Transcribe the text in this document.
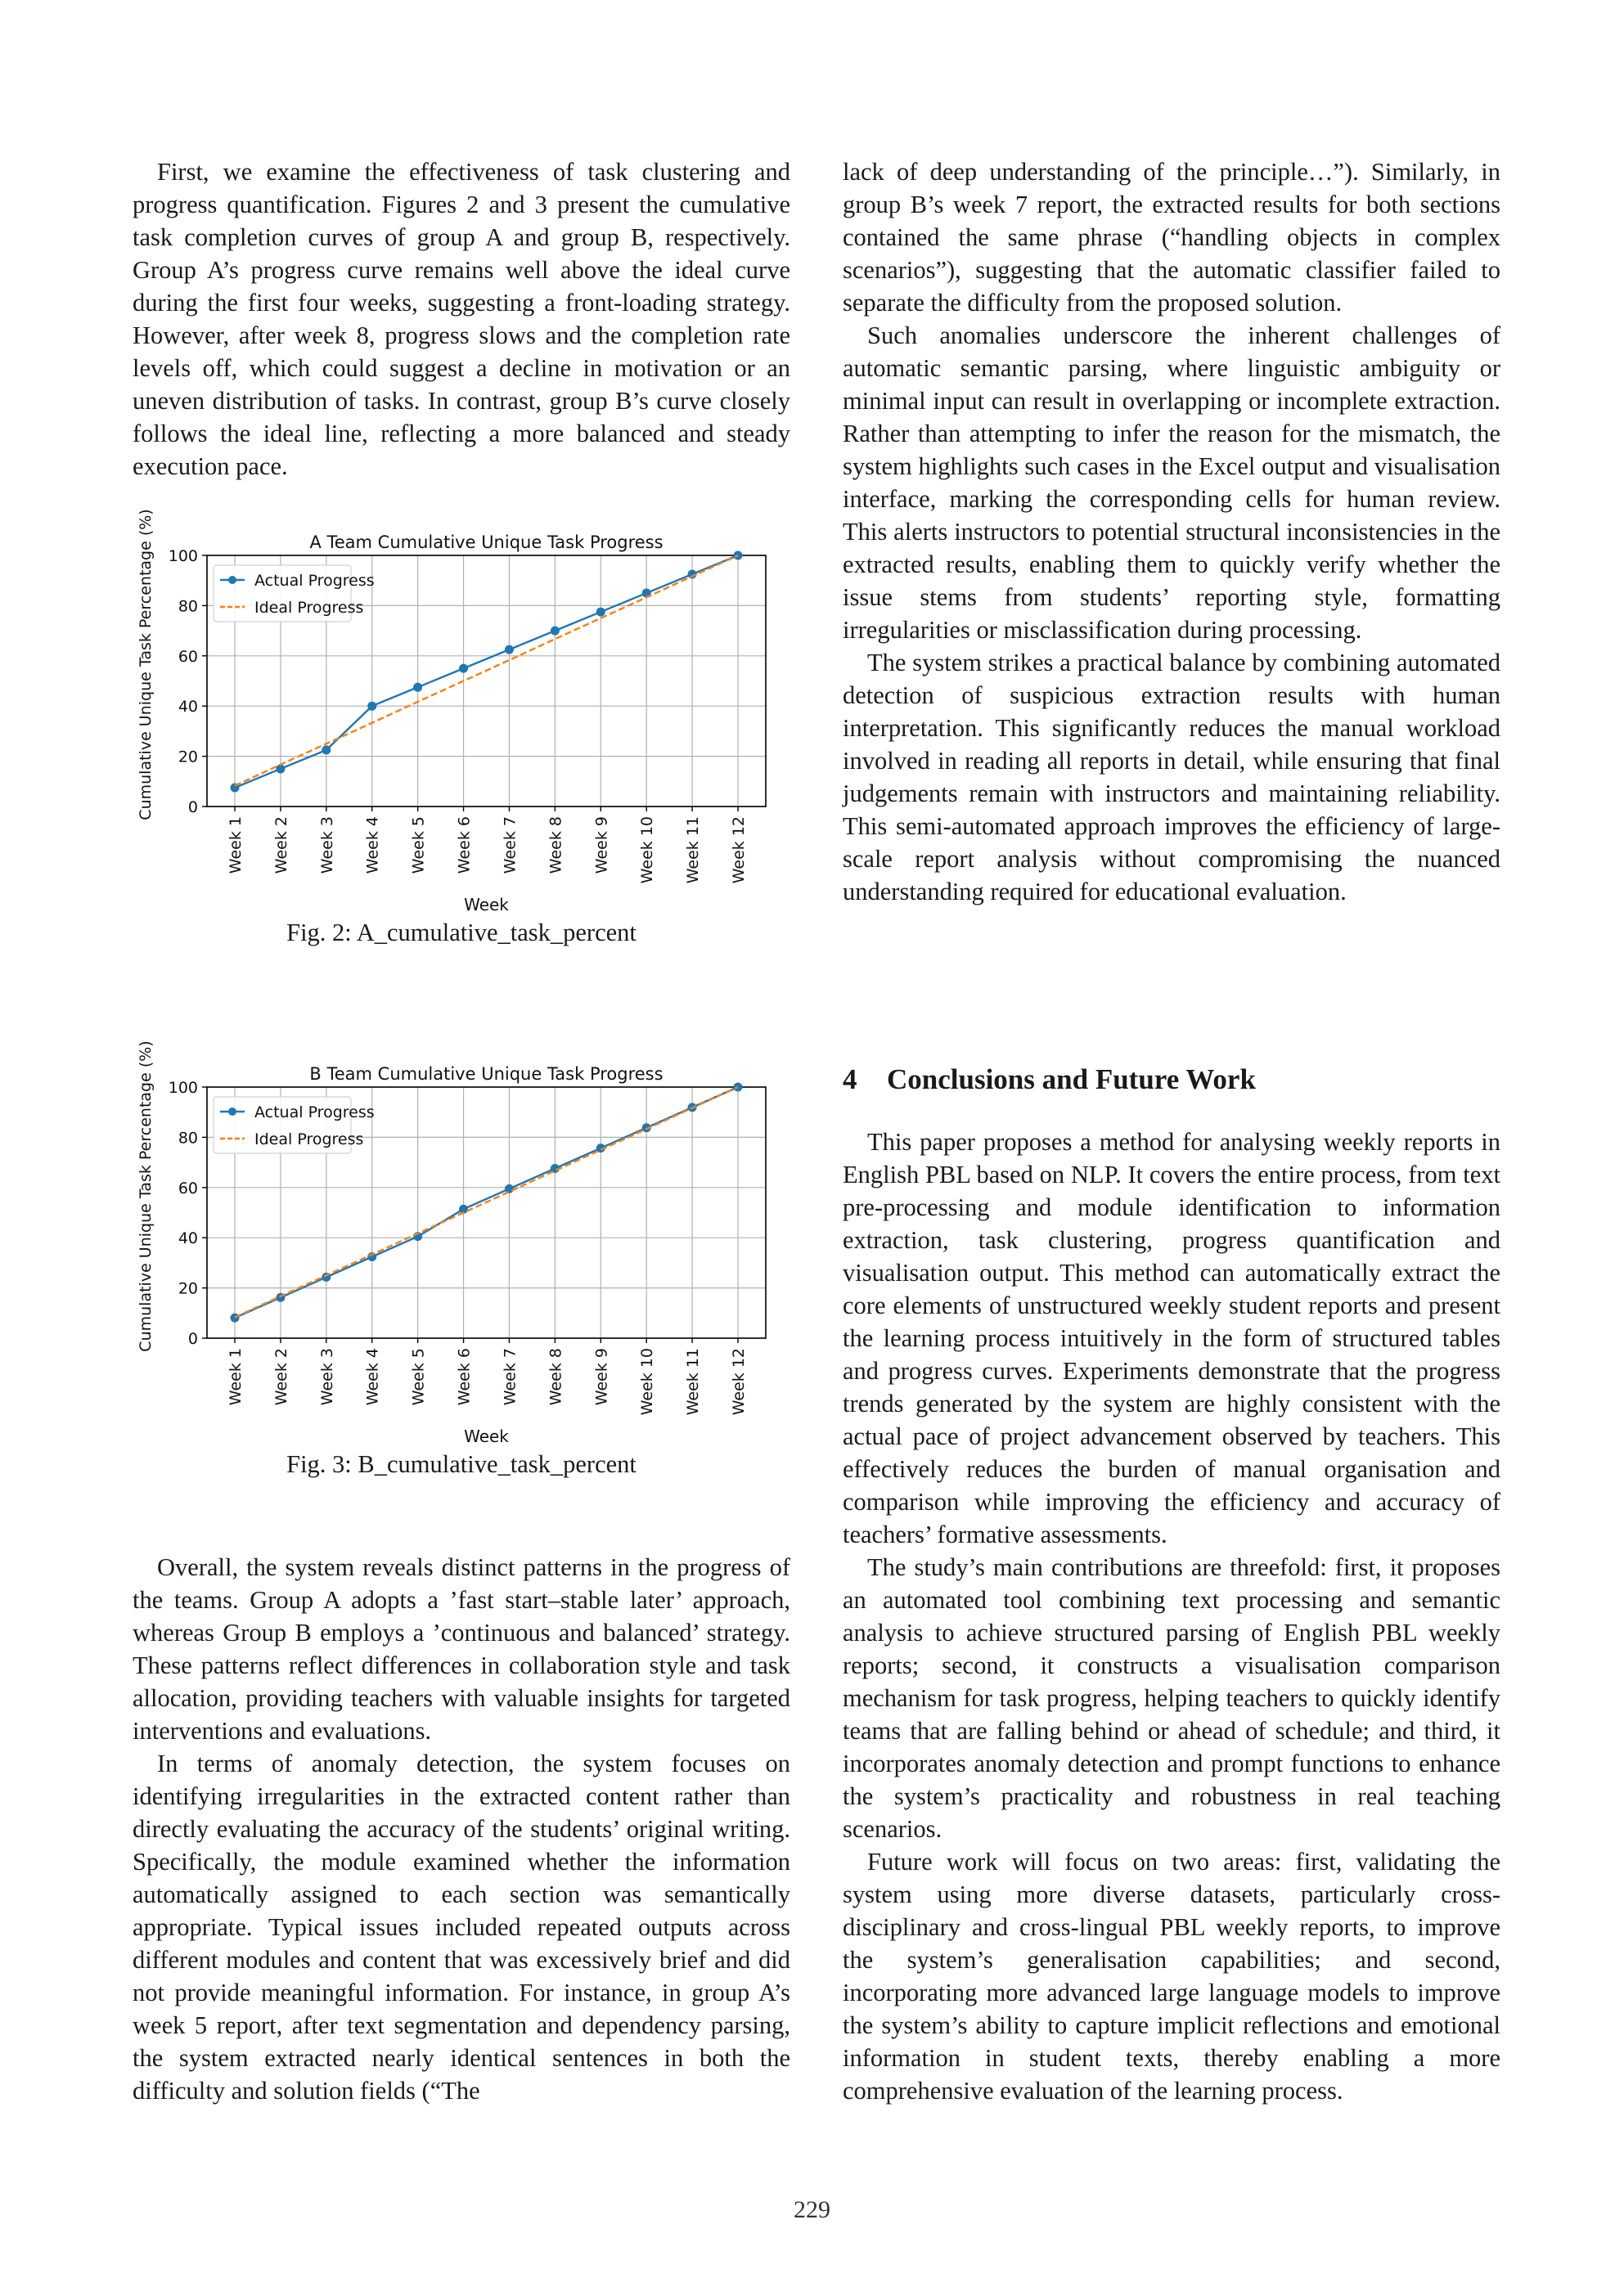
First, we examine the effectiveness of task clustering and progress quantification. Figures 2 and 3 present the cumulative task completion curves of group A and group B, respectively. Group A’s progress curve remains well above the ideal curve during the first four weeks, suggesting a front-loading strategy. However, after week 8, progress slows and the completion rate levels off, which could suggest a decline in motivation or an uneven distribution of tasks. In contrast, group B’s curve closely follows the ideal line, reflecting a more balanced and steady execution pace.

0
20
40
60
80
100
Cumulative Unique Task Percentage (%)
Week 1 Week 2 Week 3 Week 4 Week 5 Week 6 Week 7 Week 8 Week 9 Week 10 Week 11 Week 12
Week
A Team Cumulative Unique Task Progress
Actual Progress
Ideal Progress
Fig. 2: A_cumulative_task_percent
0
20
40
60
80
100
Cumulative Unique Task Percentage (%)
Week 1 Week 2 Week 3 Week 4 Week 5 Week 6 Week 7 Week 8 Week 9 Week 10 Week 11 Week 12
Week
B Team Cumulative Unique Task Progress
Actual Progress
Ideal Progress
Fig. 3: B_cumulative_task_percent

Overall, the system reveals distinct patterns in the progress of the teams. Group A adopts a ’fast start–stable later’ approach, whereas Group B employs a ’continuous and balanced’ strategy. These patterns reflect differences in collaboration style and task allocation, providing teachers with valuable insights for targeted interventions and evaluations.

In terms of anomaly detection, the system focuses on identifying irregularities in the extracted content rather than directly evaluating the accuracy of the students’ original writing. Specifically, the module examined whether the information automatically assigned to each section was semantically appropriate. Typical issues included repeated outputs across different modules and content that was excessively brief and did not provide meaningful information. For instance, in group A’s week 5 report, after text segmentation and dependency parsing, the system extracted nearly identical sentences in both the difficulty and solution fields (“The

lack of deep understanding of the principle…”). Similarly, in group B’s week 7 report, the extracted results for both sections contained the same phrase (“handling objects in complex scenarios”), suggesting that the automatic classifier failed to separate the difficulty from the proposed solution.

Such anomalies underscore the inherent challenges of automatic semantic parsing, where linguistic ambiguity or minimal input can result in overlapping or incomplete extraction. Rather than attempting to infer the reason for the mismatch, the system highlights such cases in the Excel output and visualisation interface, marking the corresponding cells for human review. This alerts instructors to potential structural inconsistencies in the extracted results, enabling them to quickly verify whether the issue stems from students’ reporting style, formatting irregularities or misclassification during processing.

The system strikes a practical balance by combining automated detection of suspicious extraction results with human interpretation. This significantly reduces the manual workload involved in reading all reports in detail, while ensuring that final judgements remain with instructors and maintaining reliability. This semi-automated approach improves the efficiency of large-scale report analysis without compromising the nuanced understanding required for educational evaluation.

4 Conclusions and Future Work

This paper proposes a method for analysing weekly reports in English PBL based on NLP. It covers the entire process, from text pre-processing and module identification to information extraction, task clustering, progress quantification and visualisation output. This method can automatically extract the core elements of unstructured weekly student reports and present the learning process intuitively in the form of structured tables and progress curves. Experiments demonstrate that the progress trends generated by the system are highly consistent with the actual pace of project advancement observed by teachers. This effectively reduces the burden of manual organisation and comparison while improving the efficiency and accuracy of teachers’ formative assessments.

The study’s main contributions are threefold: first, it proposes an automated tool combining text processing and semantic analysis to achieve structured parsing of English PBL weekly reports; second, it constructs a visualisation comparison mechanism for task progress, helping teachers to quickly identify teams that are falling behind or ahead of schedule; and third, it incorporates anomaly detection and prompt functions to enhance the system’s practicality and robustness in real teaching scenarios.

Future work will focus on two areas: first, validating the system using more diverse datasets, particularly cross-disciplinary and cross-lingual PBL weekly reports, to improve the system’s generalisation capabilities; and second, incorporating more advanced large language models to improve the system’s ability to capture implicit reflections and emotional information in student texts, thereby enabling a more comprehensive evaluation of the learning process.

229
